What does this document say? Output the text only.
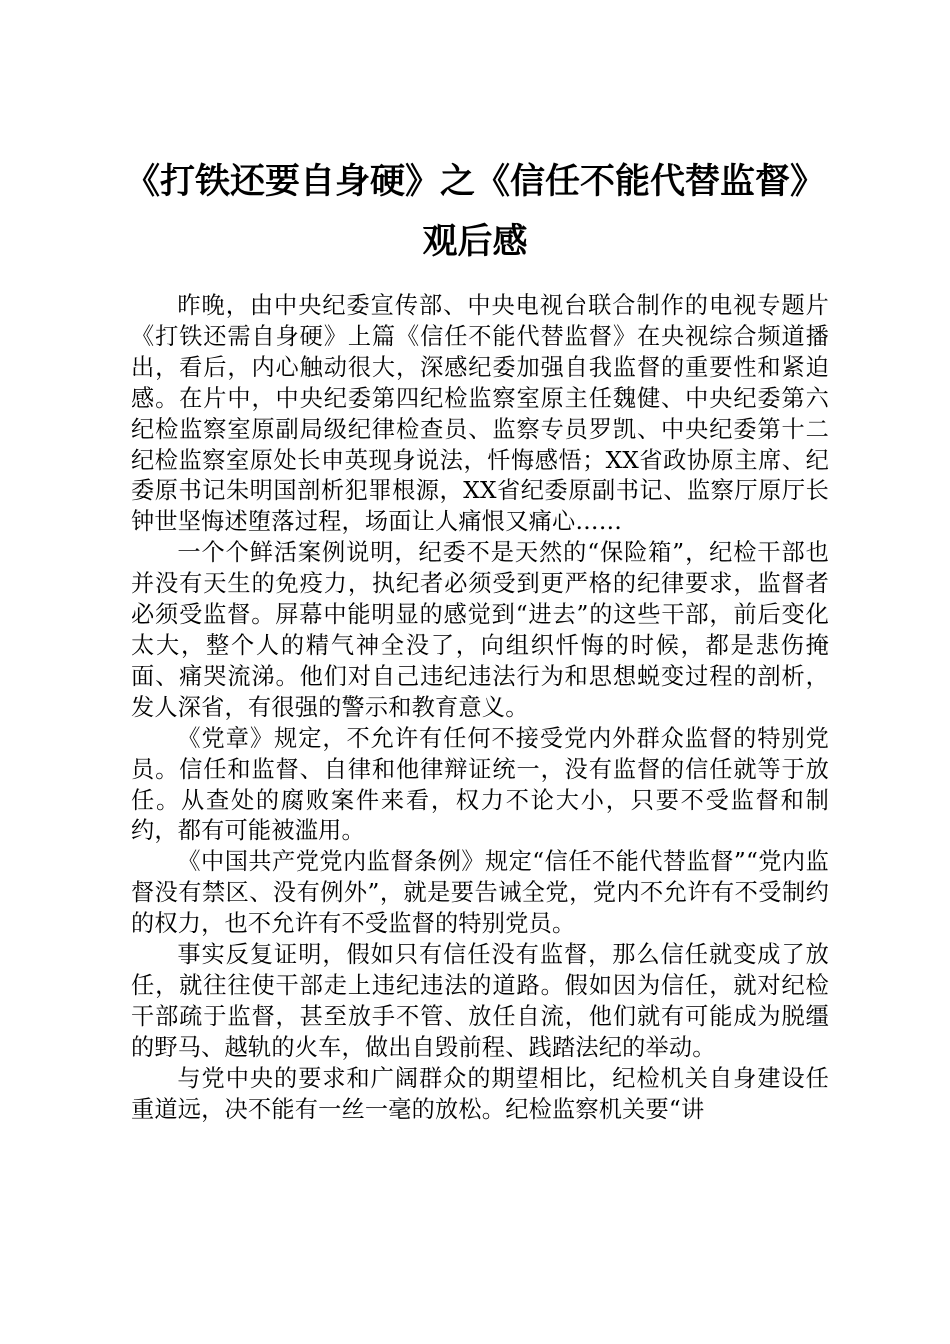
《打铁还要自身硬》之《信任不能代替监督》
观后感

昨晚，由中央纪委宣传部、中央电视台联合制作的电视专题片《打铁还需自身硬》上篇《信任不能代替监督》在央视综合频道播出，看后，内心触动很大，深感纪委加强自我监督的重要性和紧迫感。在片中，中央纪委第四纪检监察室原主任魏健、中央纪委第六纪检监察室原副局级纪律检查员、监察专员罗凯、中央纪委第十二纪检监察室原处长申英现身说法，忏悔感悟；XX省政协原主席、纪委原书记朱明国剖析犯罪根源，XX省纪委原副书记、监察厅原厅长钟世坚悔述堕落过程，场面让人痛恨又痛心……

一个个鲜活案例说明，纪委不是天然的“保险箱”，纪检干部也并没有天生的免疫力，执纪者必须受到更严格的纪律要求，监督者必须受监督。屏幕中能明显的感觉到“进去”的这些干部，前后变化太大，整个人的精气神全没了，向组织忏悔的时候，都是悲伤掩面、痛哭流涕。他们对自己违纪违法行为和思想蜕变过程的剖析，发人深省，有很强的警示和教育意义。

《党章》规定，不允许有任何不接受党内外群众监督的特别党员。信任和监督、自律和他律辩证统一，没有监督的信任就等于放任。从查处的腐败案件来看，权力不论大小，只要不受监督和制约，都有可能被滥用。

《中国共产党党内监督条例》规定“信任不能代替监督”“党内监督没有禁区、没有例外”，就是要告诫全党，党内不允许有不受制约的权力，也不允许有不受监督的特别党员。

事实反复证明，假如只有信任没有监督，那么信任就变成了放任，就往往使干部走上违纪违法的道路。假如因为信任，就对纪检干部疏于监督，甚至放手不管、放任自流，他们就有可能成为脱缰的野马、越轨的火车，做出自毁前程、践踏法纪的举动。

与党中央的要求和广阔群众的期望相比，纪检机关自身建设任重道远，决不能有一丝一毫的放松。纪检监察机关要“讲
